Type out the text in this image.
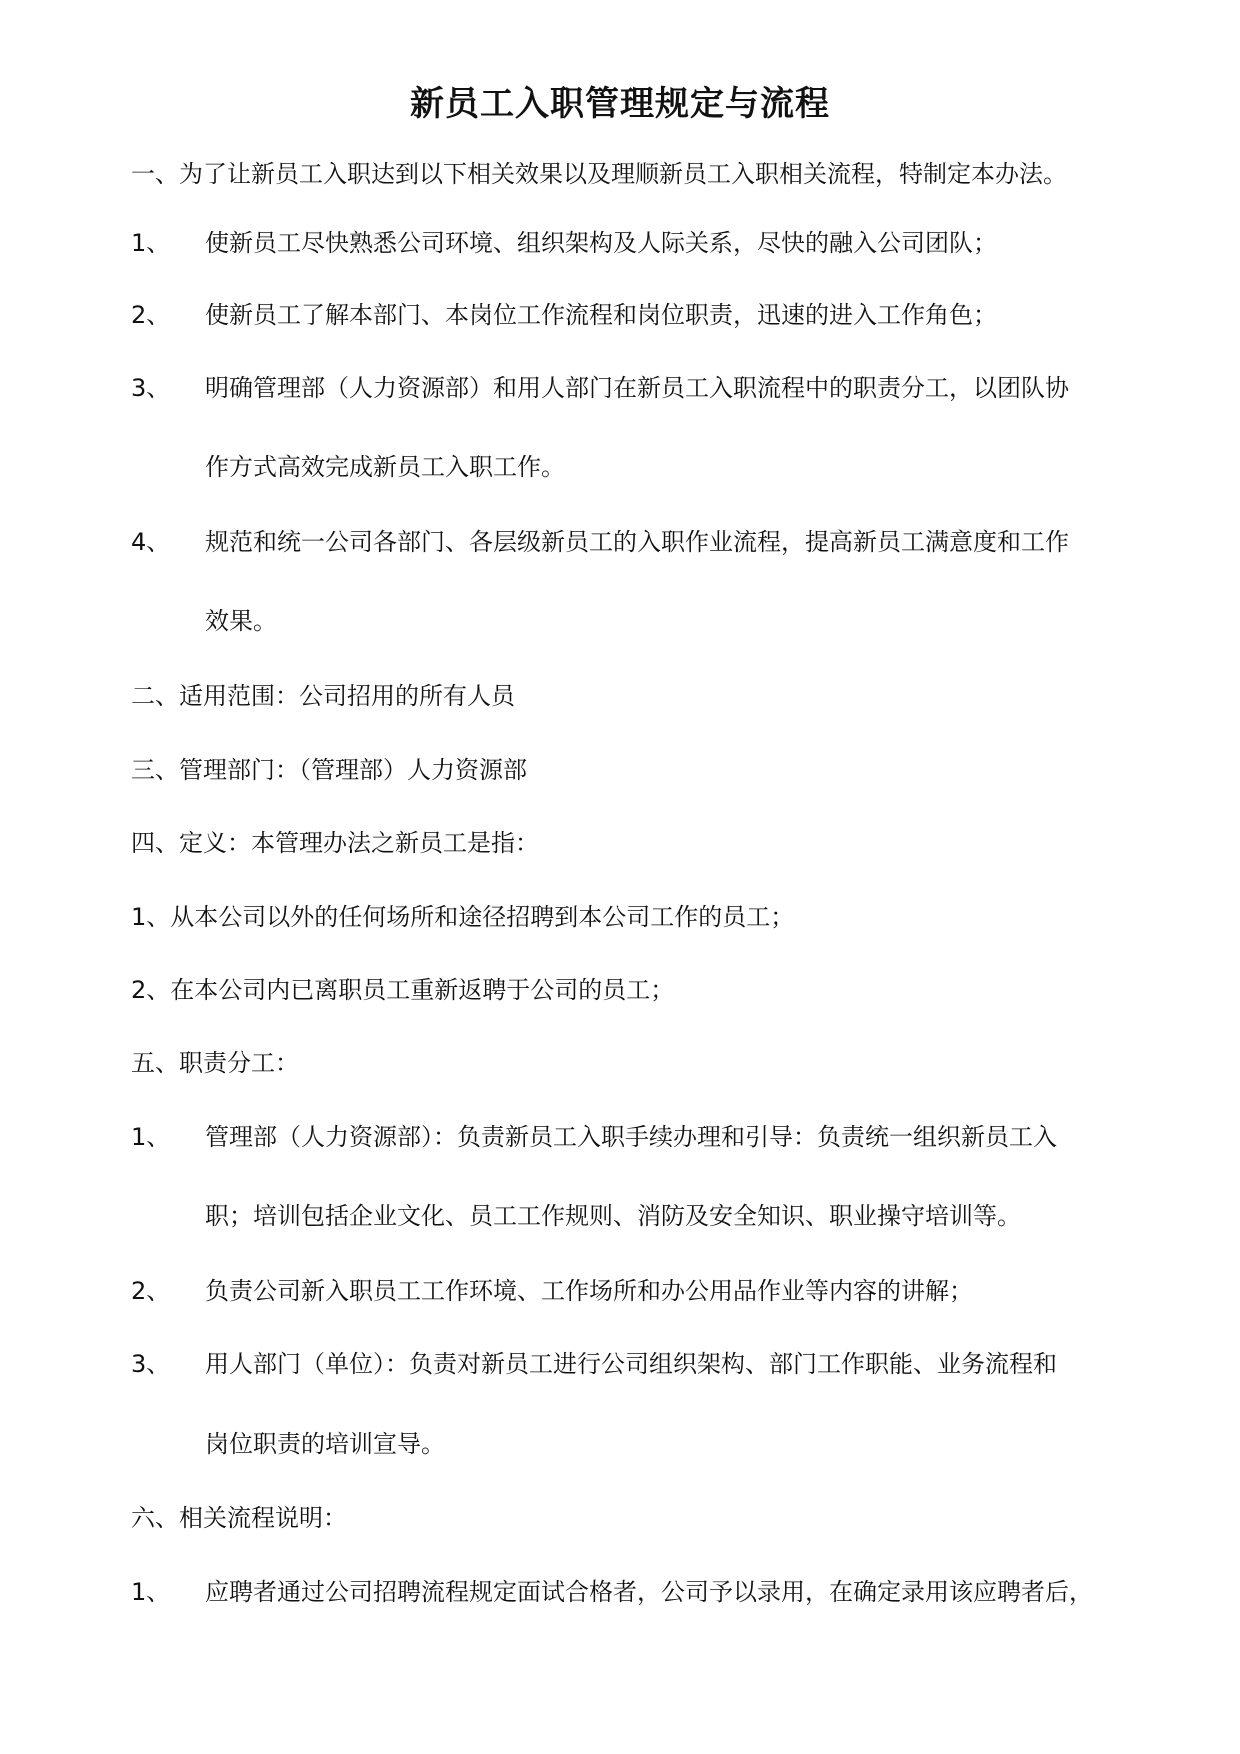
新员工入职管理规定与流程
一、为了让新员工入职达到以下相关效果以及理顺新员工入职相关流程，特制定本办法。
1、 使新员工尽快熟悉公司环境、组织架构及人际关系，尽快的融入公司团队；
2、 使新员工了解本部门、本岗位工作流程和岗位职责，迅速的进入工作角色；
3、 明确管理部（人力资源部）和用人部门在新员工入职流程中的职责分工，以团队协
作方式高效完成新员工入职工作。
4、 规范和统一公司各部门、各层级新员工的入职作业流程，提高新员工满意度和工作
效果。
二、适用范围：公司招用的所有人员
三、管理部门：（管理部）人力资源部
四、定义：本管理办法之新员工是指：
1、从本公司以外的任何场所和途径招聘到本公司工作的员工；
2、在本公司内已离职员工重新返聘于公司的员工；
五、职责分工：
1、 管理部（人力资源部）：负责新员工入职手续办理和引导：负责统一组织新员工入
职；培训包括企业文化、员工工作规则、消防及安全知识、职业操守培训等。
2、 负责公司新入职员工工作环境、工作场所和办公用品作业等内容的讲解；
3、 用人部门（单位）：负责对新员工进行公司组织架构、部门工作职能、业务流程和
岗位职责的培训宣导。
六、相关流程说明：
1、 应聘者通过公司招聘流程规定面试合格者，公司予以录用，在确定录用该应聘者后，
